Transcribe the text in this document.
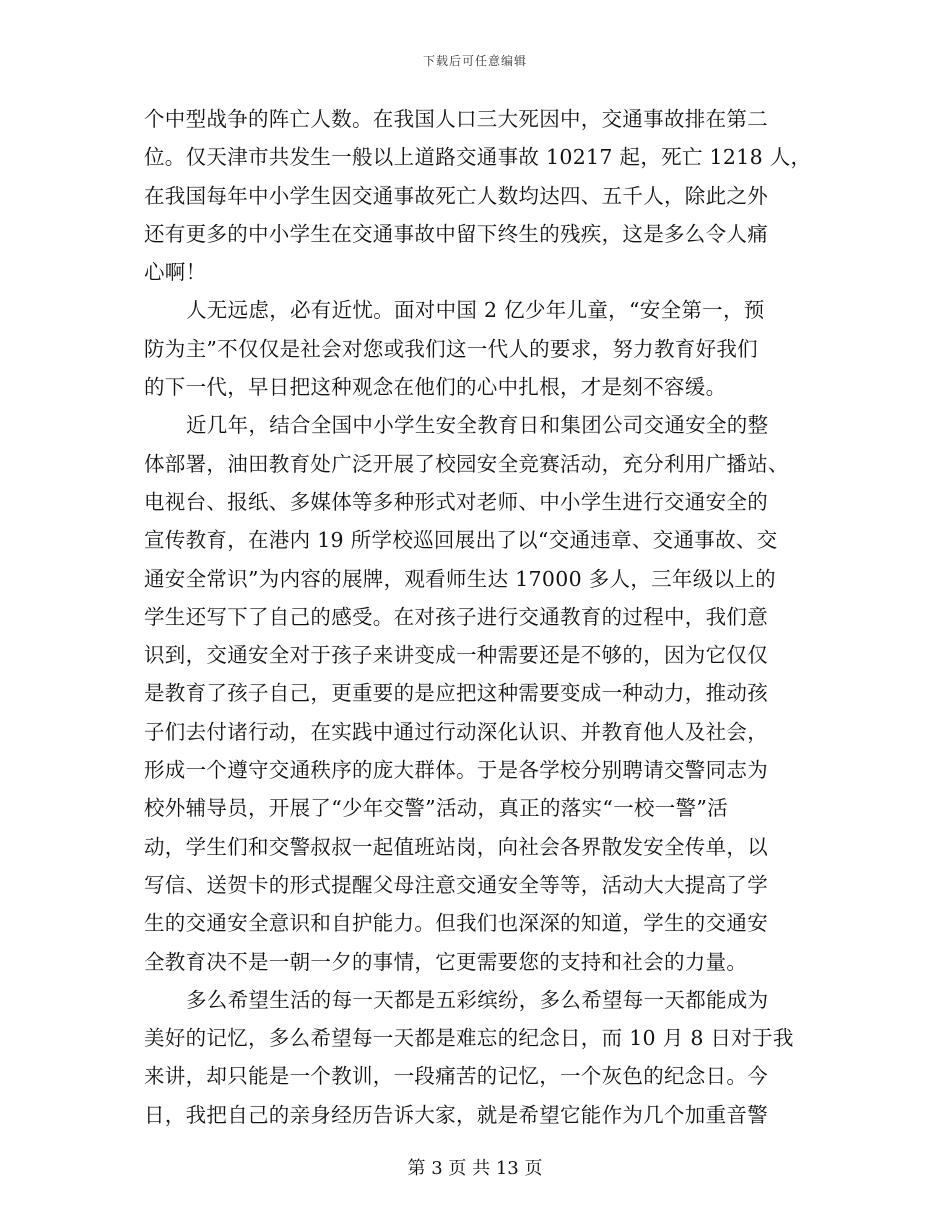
下载后可任意编辑
个中型战争的阵亡人数。在我国人口三大死因中，交通事故排在第二
位。仅天津市共发生一般以上道路交通事故 10217 起，死亡 1218 人，
在我国每年中小学生因交通事故死亡人数均达四、五千人，除此之外
还有更多的中小学生在交通事故中留下终生的残疾，这是多么令人痛
心啊！
人无远虑，必有近忧。面对中国 2 亿少年儿童，“安全第一，预
防为主”不仅仅是社会对您或我们这一代人的要求，努力教育好我们
的下一代，早日把这种观念在他们的心中扎根，才是刻不容缓。
近几年，结合全国中小学生安全教育日和集团公司交通安全的整
体部署，油田教育处广泛开展了校园安全竞赛活动，充分利用广播站、
电视台、报纸、多媒体等多种形式对老师、中小学生进行交通安全的
宣传教育，在港内 19 所学校巡回展出了以“交通违章、交通事故、交
通安全常识”为内容的展牌，观看师生达 17000 多人，三年级以上的
学生还写下了自己的感受。在对孩子进行交通教育的过程中，我们意
识到，交通安全对于孩子来讲变成一种需要还是不够的，因为它仅仅
是教育了孩子自己，更重要的是应把这种需要变成一种动力，推动孩
子们去付诸行动，在实践中通过行动深化认识、并教育他人及社会，
形成一个遵守交通秩序的庞大群体。于是各学校分别聘请交警同志为
校外辅导员，开展了“少年交警”活动，真正的落实“一校一警”活
动，学生们和交警叔叔一起值班站岗，向社会各界散发安全传单，以
写信、送贺卡的形式提醒父母注意交通安全等等，活动大大提高了学
生的交通安全意识和自护能力。但我们也深深的知道，学生的交通安
全教育决不是一朝一夕的事情，它更需要您的支持和社会的力量。
多么希望生活的每一天都是五彩缤纷，多么希望每一天都能成为
美好的记忆，多么希望每一天都是难忘的纪念日，而 10 月 8 日对于我
来讲，却只能是一个教训，一段痛苦的记忆，一个灰色的纪念日。今
日，我把自己的亲身经历告诉大家，就是希望它能作为几个加重音警
第 3 页 共 13 页
